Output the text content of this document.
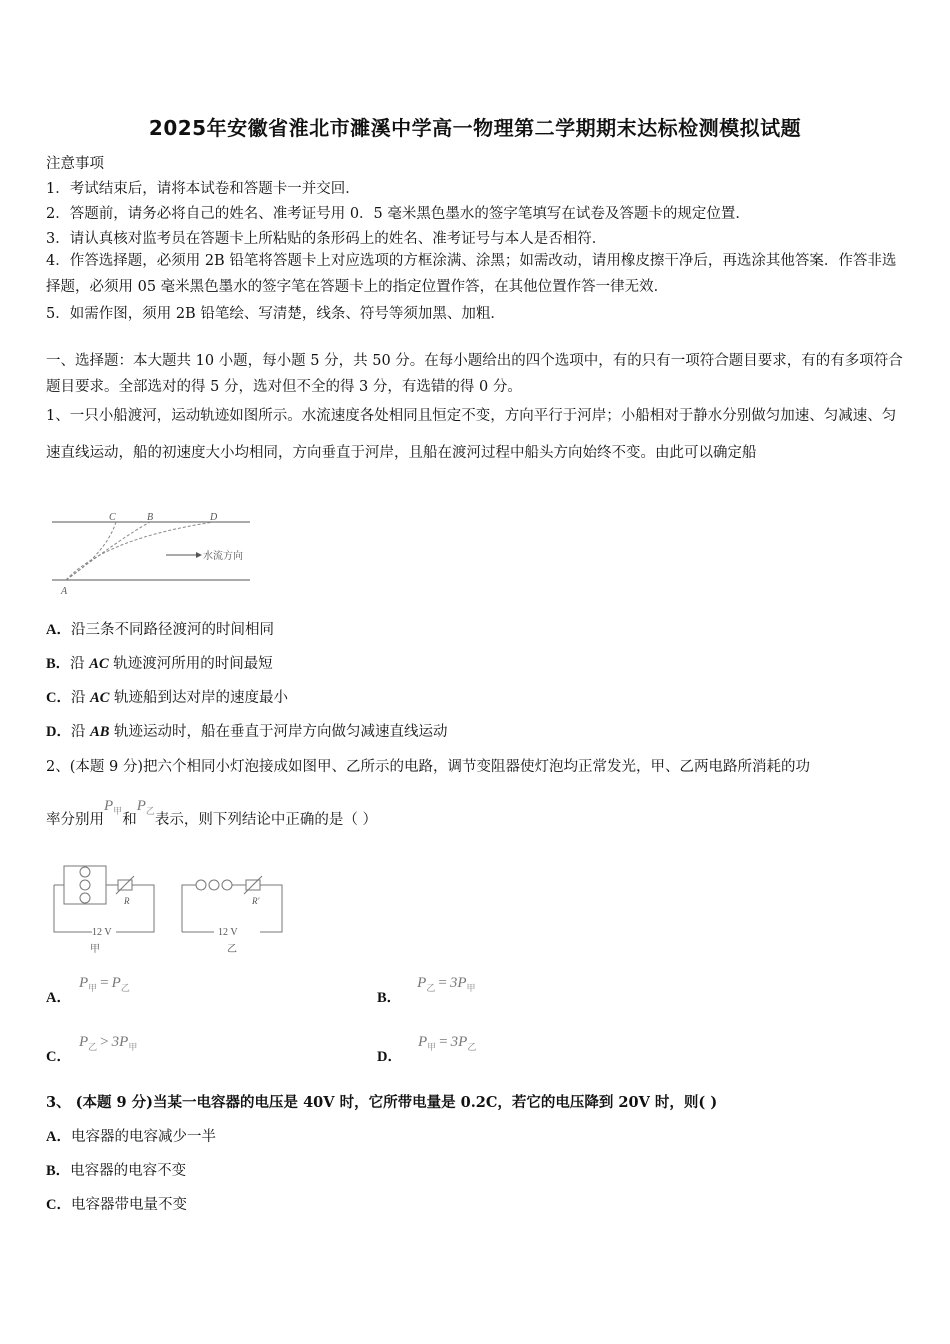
2025年安徽省淮北市濉溪中学高一物理第二学期期末达标检测模拟试题
注意事项
1．考试结束后，请将本试卷和答题卡一并交回．
2．答题前，请务必将自己的姓名、准考证号用 0．5 毫米黑色墨水的签字笔填写在试卷及答题卡的规定位置．
3．请认真核对监考员在答题卡上所粘贴的条形码上的姓名、准考证号与本人是否相符．
4．作答选择题，必须用 2B 铅笔将答题卡上对应选项的方框涂满、涂黑；如需改动，请用橡皮擦干净后，再选涂其他答案．作答非选择题，必须用 05 毫米黑色墨水的签字笔在答题卡上的指定位置作答，在其他位置作答一律无效．
5．如需作图，须用 2B 铅笔绘、写清楚，线条、符号等须加黑、加粗．
一、选择题：本大题共 10 小题，每小题 5 分，共 50 分。在每小题给出的四个选项中，有的只有一项符合题目要求，有的有多项符合题目要求。全部选对的得 5 分，选对但不全的得 3 分，有选错的得 0 分。
1、一只小船渡河，运动轨迹如图所示。水流速度各处相同且恒定不变，方向平行于河岸；小船相对于静水分别做匀加速、匀减速、匀速直线运动，船的初速度大小均相同，方向垂直于河岸，且船在渡河过程中船头方向始终不变。由此可以确定船
C	B	D
A
水流方向
A．沿三条不同路径渡河的时间相同
B．沿 AC 轨迹渡河所用的时间最短
C．沿 AC 轨迹船到达对岸的速度最小
D．沿 AB 轨迹运动时，船在垂直于河岸方向做匀减速直线运动
2、(本题 9 分)把六个相同小灯泡接成如图甲、乙所示的电路，调节变阻器使灯泡均正常发光，甲、乙两电路所消耗的功
率分别用
$P_甲$
和
$P_乙$
表示，则下列结论中正确的是（ ）
R
12 V
甲
R′
12 V
乙
A．
$P_甲 = P_乙$
B．
$P_乙 = 3P_甲$
C．
$P_乙 > 3P_甲$
D．
$P_甲 = 3P_乙$
3、 (本题 9 分)当某一电容器的电压是 40V 时，它所带电量是 0.2C，若它的电压降到 20V 时，则( )
A．电容器的电容减少一半
B．电容器的电容不变
C．电容器带电量不变
